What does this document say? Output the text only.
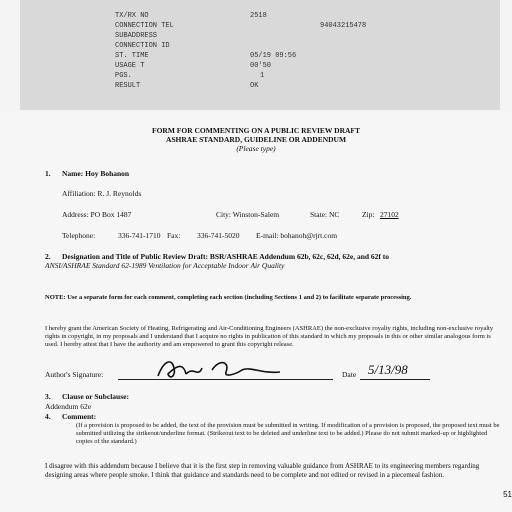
TX/RX NO	2518
CONNECTION TEL	94043215478
SUBADDRESS
CONNECTION ID
ST. TIME	05/19 09:56
USAGE T	00'50
PGS.	1
RESULT	OK
FORM FOR COMMENTING ON A PUBLIC REVIEW DRAFT
ASHRAE STANDARD, GUIDELINE OR ADDENDUM
(Please type)
1. Name: Hoy Bohanon
Affiliation: R. J. Reynolds
Address: PO Box 1487	City: Winston-Salem	State: NC	Zip: 27102
Telephone:	336-741-1710 Fax: 336-741-5020 E-mail: bohanoh@rjrt.com
2. Designation and Title of Public Review Draft: BSR/ASHRAE Addendum 62b, 62c, 62d, 62e, and 62f to
ANSI/ASHRAE Standard 62-1989 Ventilation for Acceptable Indoor Air Quality
NOTE: Use a separate form for each comment, completing each section (including Sections 1 and 2) to facilitate separate processing.
I hereby grant the American Society of Heating, Refrigerating and Air-Conditioning Engineers (ASHRAE) the non-exclusive royalty rights, including non-exclusive royalty rights in copyright, in my proposals and I understand that I acquire no rights in publication of this standard in which my proposals in this or other similar analogous form is used. I hereby attest that I have the authority and am empowered to grant this copyright release.
Author's Signature:	Date 5/13/98
3. Clause or Subclause:
Addendum 62e
4. Comment:
(If a provision is proposed to be added, the text of the provision must be submitted in writing. If modification of a provision is proposed, the proposed text must be submitted utilizing the strikeout/underline format. (Strikeout text to be deleted and underline text to be added.) Please do not submit marked-up or highlighted copies of the standard.)
I disagree with this addendum because I believe that it is the first step in removing valuable guidance from ASHRAE to its engineering members regarding designing areas where people smoke. I think that guidance and standards need to be complete and not edited or revised in a piecemeal fashion.
51
